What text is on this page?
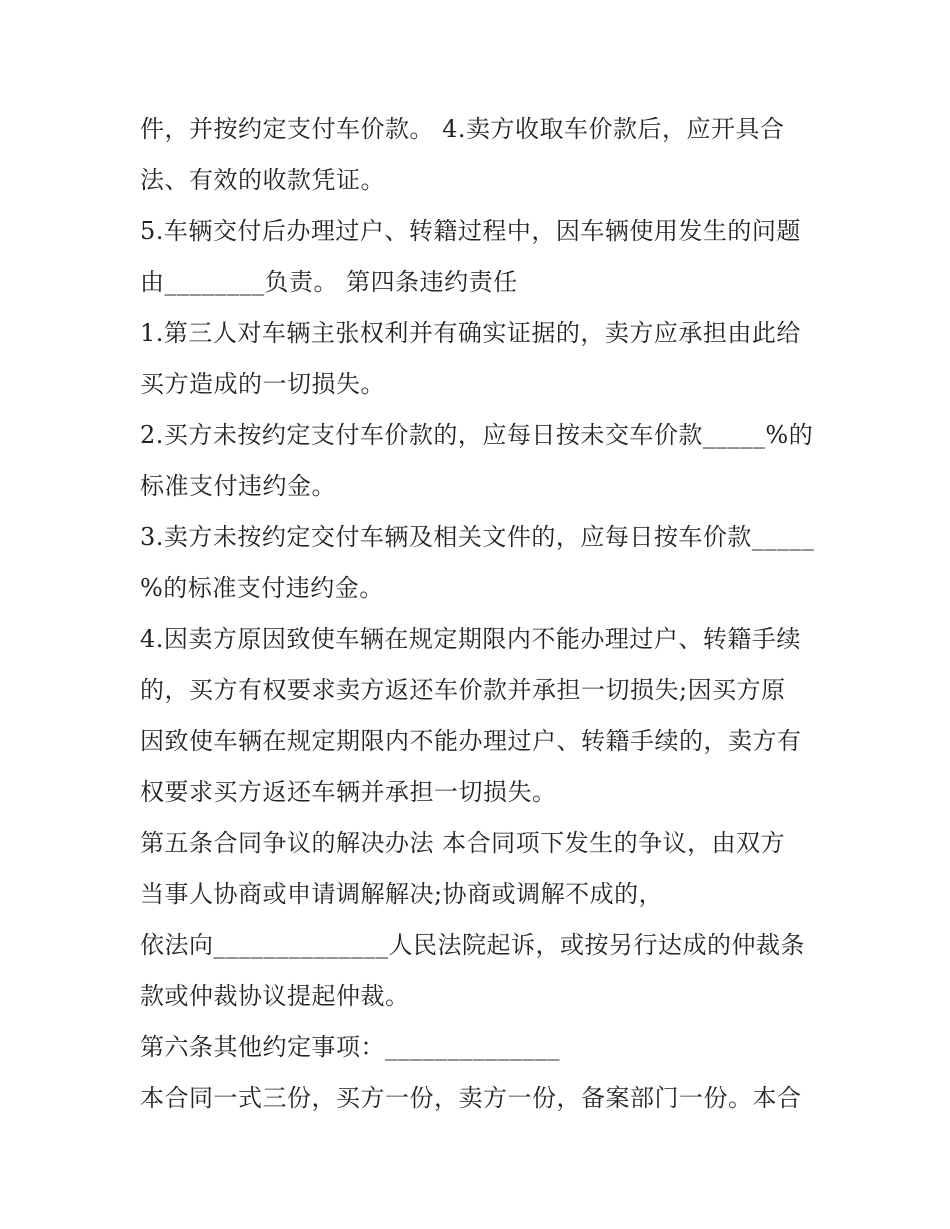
件，并按约定支付车价款。 4.卖方收取车价款后，应开具合
法、有效的收款凭证。
5.车辆交付后办理过户、转籍过程中，因车辆使用发生的问题
由________负责。 第四条违约责任
1.第三人对车辆主张权利并有确实证据的，卖方应承担由此给
买方造成的一切损失。
2.买方未按约定支付车价款的，应每日按未交车价款_____%的
标准支付违约金。
3.卖方未按约定交付车辆及相关文件的，应每日按车价款_____
%的标准支付违约金。
4.因卖方原因致使车辆在规定期限内不能办理过户、转籍手续
的，买方有权要求卖方返还车价款并承担一切损失;因买方原
因致使车辆在规定期限内不能办理过户、转籍手续的，卖方有
权要求买方返还车辆并承担一切损失。
第五条合同争议的解决办法 本合同项下发生的争议，由双方
当事人协商或申请调解解决;协商或调解不成的，
依法向______________人民法院起诉，或按另行达成的仲裁条
款或仲裁协议提起仲裁。
第六条其他约定事项：______________
本合同一式三份，买方一份，卖方一份，备案部门一份。本合
